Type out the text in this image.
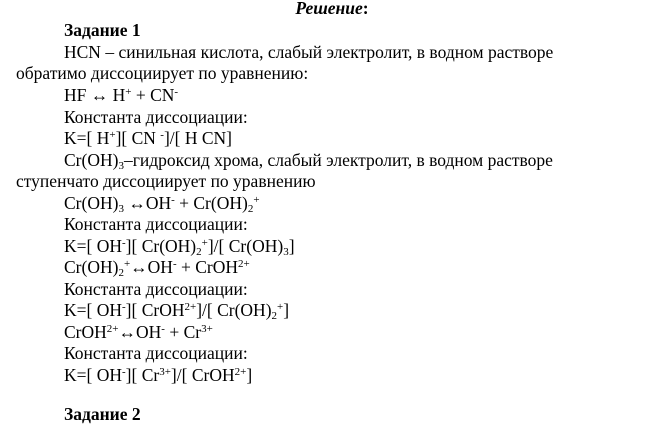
Решение:
Задание 1
HCN – синильная кислота, слабый электролит, в водном растворе
обратимо диссоциирует по уравнению:
HF ↔ H+ + CN-
Константа диссоциации:
K=[ H+][ CN -]/[ H CN]
$Cr(OH)_3$–гидроксид хрома, слабый электролит, в водном растворе
ступенчато диссоциирует по уравнению
$Cr(OH)_3$ ↔OH- + $Cr(OH)_2^+$
Константа диссоциации:
K=[ OH-][ $Cr(OH)_2^+]/$[ $Cr(OH)_3$]
$Cr(OH)_2^+\leftrightarrow OH^-$ + CrOH$^{2+}$
Константа диссоциации:
K=[ OH-][ CrOH$^{2+}$]/[ $Cr(OH)_2^+$]
CrOH$^{2+}$↔OH- + $Cr^{3+}$
Константа диссоциации:
K=[ OH-][ $Cr^{3+}]/$[ CrOH$^{2+}$]
Задание 2
